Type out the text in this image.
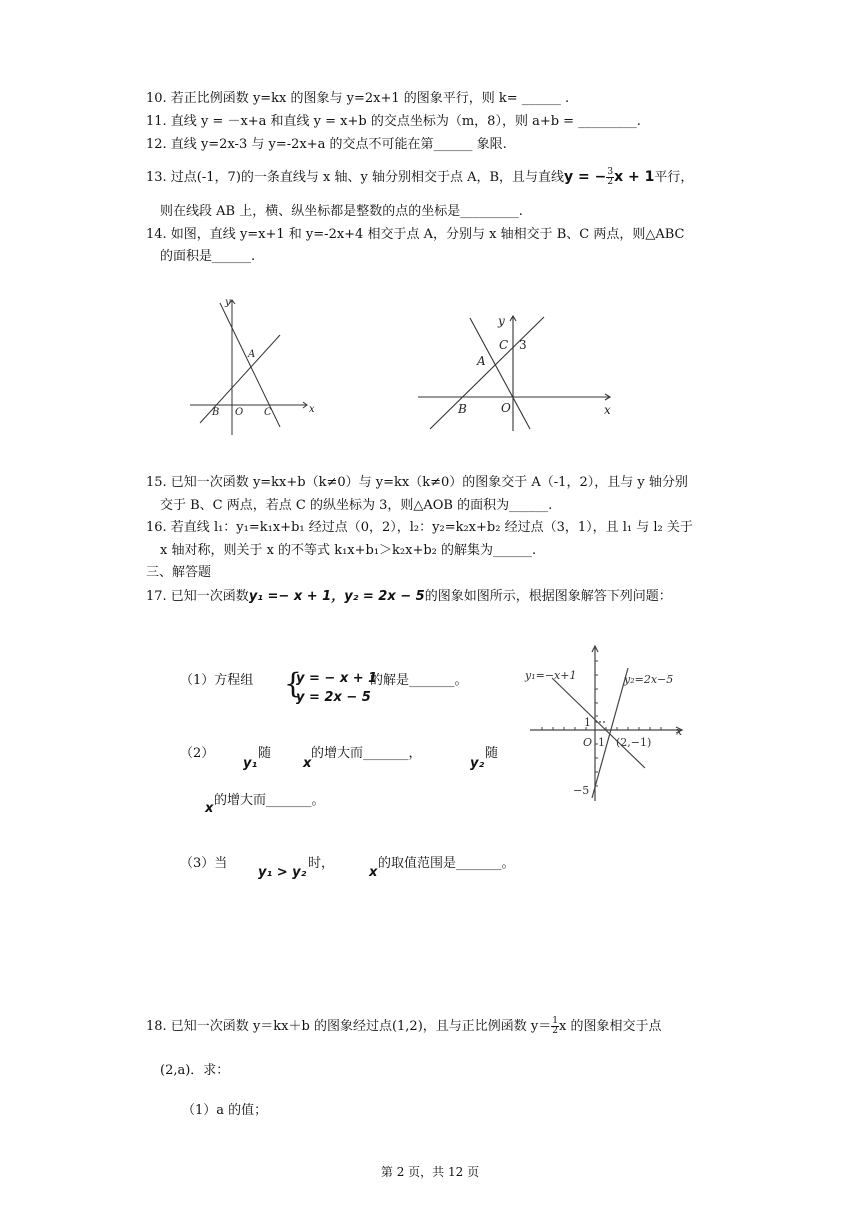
10. 若正比例函数 y=kx 的图象与 y=2x+1 的图象平行，则 k= ______ .
11. 直线 y = －x+a 和直线 y = x+b 的交点坐标为（m，8），则 a+b = _________.
12. 直线 y=2x-3 与 y=-2x+a 的交点不可能在第______ 象限.
13. 过点(-1，7)的一条直线与 x 轴、y 轴分别相交于点 A，B，且与直线y = − $\frac{3}{2}$ x + 1平行，
则在线段 AB 上，横、纵坐标都是整数的点的坐标是_________.
14. 如图，直线 y=x+1 和 y=-2x+4 相交于点 A，分别与 x 轴相交于 B、C 两点，则△ABC
的面积是______.
y
x
A
B O C
y
x
A
B	O
C 3
15. 已知一次函数 y=kx+b（k≠0）与 y=kx（k≠0）的图象交于 A（-1，2），且与 y 轴分别
交于 B、C 两点，若点 C 的纵坐标为 3，则△AOB 的面积为______.
16. 若直线 l₁：y₁=k₁x+b₁ 经过点（0，2），l₂：y₂=k₂x+b₂ 经过点（3，1），且 l₁ 与 l₂ 关于
x 轴对称，则关于 x 的不等式 k₁x+b₁＞k₂x+b₂ 的解集为______.
三、解答题
17. 已知一次函数y₁ =− x + 1，y₂ = 2x − 5的图象如图所示，根据图象解答下列问题：
（1）方程组 {
y = − x + 1
y = 2x − 5
的解是_______。
（2）
y₁
随
x
的增大而_______，
y₂
随
x
的增大而_______。
（3）当
y₁ > y₂
时，
x
的取值范围是_______。
y₁=−x+1	y₂=2x−5
x
O
1
1 (2,−1)
−5
18. 已知一次函数 y＝kx＋b 的图象经过点(1,2)，且与正比例函数 $y= \frac{1}{2}$ x 的图象相交于点
(2,a)．求：
（1）a 的值；
第 2 页，共 12 页
